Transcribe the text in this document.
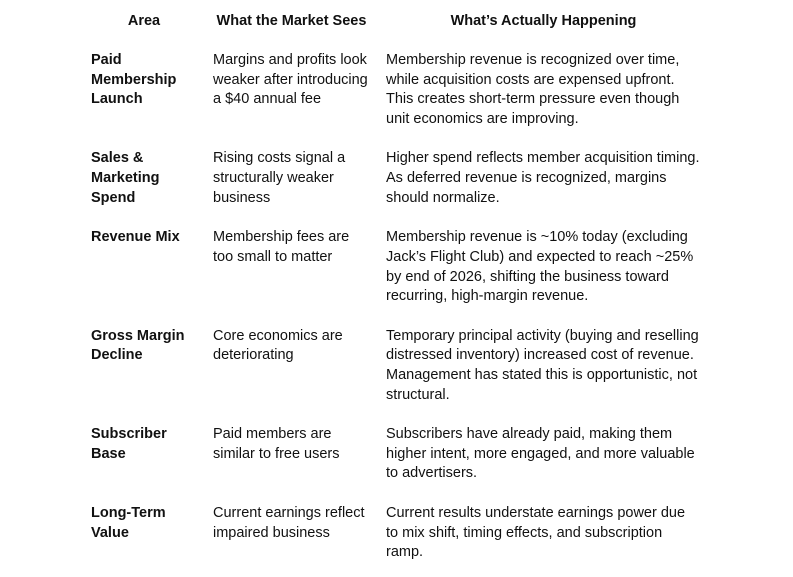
Area	What the Market Sees	What’s Actually Happening
Paid Membership Launch	Margins and profits look weaker after introducing a $40 annual fee	Membership revenue is recognized over time, while acquisition costs are expensed upfront. This creates short-term pressure even though unit economics are improving.
Sales & Marketing Spend	Rising costs signal a structurally weaker business	Higher spend reflects member acquisition timing. As deferred revenue is recognized, margins should normalize.
Revenue Mix	Membership fees are too small to matter	Membership revenue is ~10% today (excluding Jack’s Flight Club) and expected to reach ~25% by end of 2026, shifting the business toward recurring, high-margin revenue.
Gross Margin Decline	Core economics are deteriorating	Temporary principal activity (buying and reselling distressed inventory) increased cost of revenue. Management has stated this is opportunistic, not structural.
Subscriber Base	Paid members are similar to free users	Subscribers have already paid, making them higher intent, more engaged, and more valuable to advertisers.
Long-Term Value	Current earnings reflect impaired business	Current results understate earnings power due to mix shift, timing effects, and subscription ramp.
